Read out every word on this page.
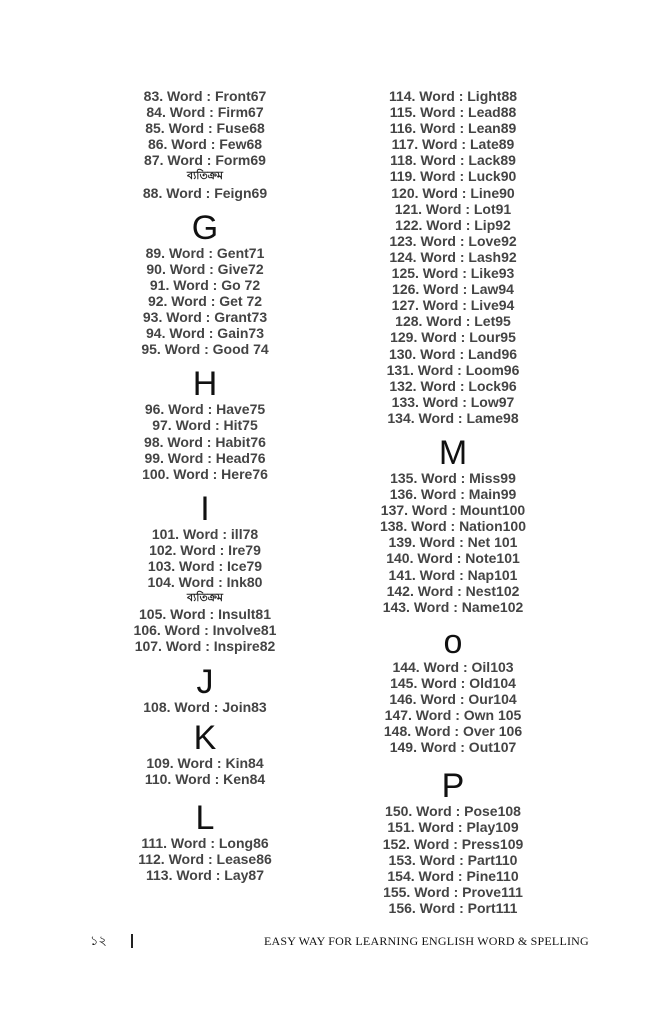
83. Word : Front67
84. Word : Firm67
85. Word : Fuse68
86. Word : Few68
87. Word : Form69
ব্যতিক্রম
88. Word : Feign69
G
89. Word : Gent71
90. Word : Give72
91. Word : Go 72
92. Word : Get 72
93. Word : Grant73
94. Word : Gain73
95. Word : Good 74
H
96. Word : Have75
97. Word : Hit75
98. Word : Habit76
99. Word : Head76
100. Word : Here76
I
101. Word : ill78
102. Word : Ire79
103. Word : Ice79
104. Word : Ink80
ব্যতিক্রম
105. Word : Insult81
106. Word : Involve81
107. Word : Inspire82
J
108. Word : Join83
K
109. Word : Kin84
110. Word : Ken84
L
111. Word : Long86
112. Word : Lease86
113. Word : Lay87
114. Word : Light88
115. Word : Lead88
116. Word : Lean89
117. Word : Late89
118. Word : Lack89
119. Word : Luck90
120. Word : Line90
121. Word : Lot91
122. Word : Lip92
123. Word : Love92
124. Word : Lash92
125. Word : Like93
126. Word : Law94
127. Word : Live94
128. Word : Let95
129. Word : Lour95
130. Word : Land96
131. Word : Loom96
132. Word : Lock96
133. Word : Low97
134. Word : Lame98
M
135. Word : Miss99
136. Word : Main99
137. Word : Mount100
138. Word : Nation100
139. Word : Net 101
140. Word : Note101
141. Word : Nap101
142. Word : Nest102
143. Word : Name102
o
144. Word : Oil103
145. Word : Old104
146. Word : Our104
147. Word : Own 105
148. Word : Over 106
149. Word : Out107
P
150. Word : Pose108
151. Word : Play109
152. Word : Press109
153. Word : Part110
154. Word : Pine110
155. Word : Prove111
156. Word : Port111
১২	EASY WAY FOR LEARNING ENGLISH WORD & SPELLING
